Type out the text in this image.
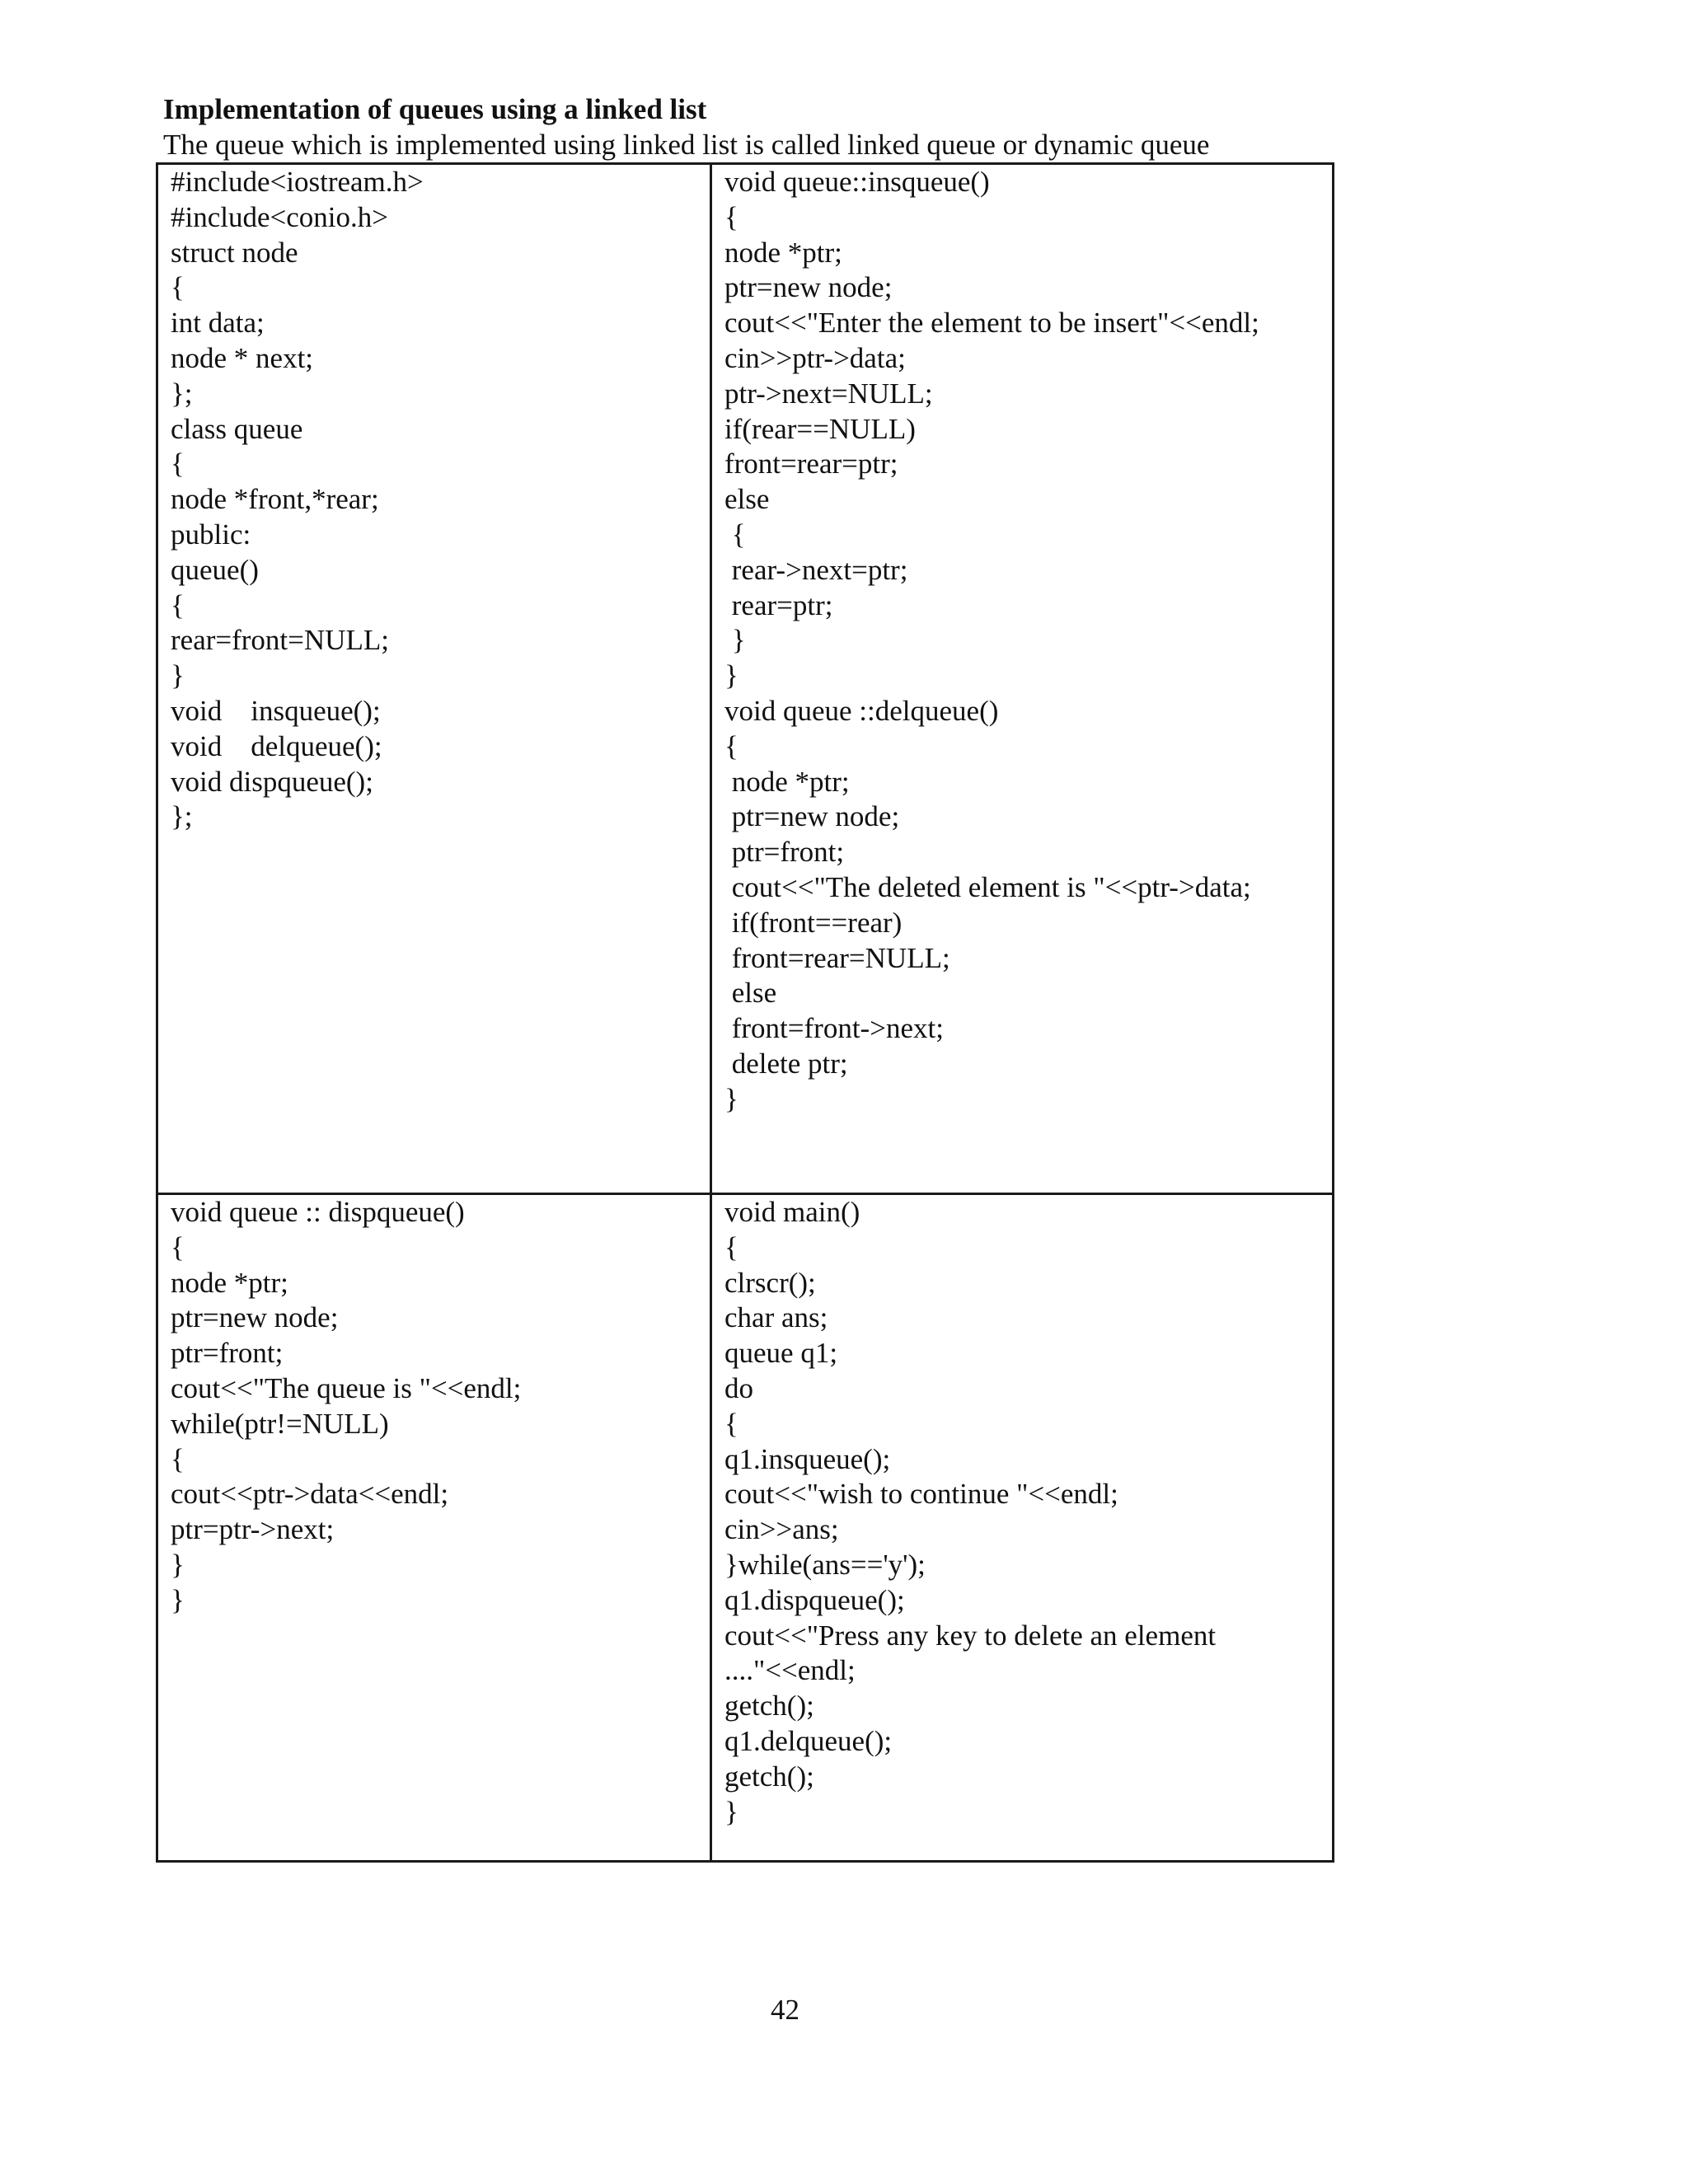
Implementation of queues using a linked list
The queue which is implemented using linked list is called linked queue or dynamic queue
#include<iostream.h>
#include<conio.h>
struct node
{
int data;
node * next;
};
class queue
{
node *front,*rear;
public:
queue()
{
rear=front=NULL;
}
void    insqueue();
void    delqueue();
void dispqueue();
};
void queue::insqueue()
{
node *ptr;
ptr=new node;
cout<<"Enter the element to be insert"<<endl;
cin>>ptr->data;
ptr->next=NULL;
if(rear==NULL)
front=rear=ptr;
else
{
rear->next=ptr;
rear=ptr;
}
}
void queue ::delqueue()
{
node *ptr;
ptr=new node;
ptr=front;
cout<<"The deleted element is "<<ptr->data;
if(front==rear)
front=rear=NULL;
else
front=front->next;
delete ptr;
}
void queue :: dispqueue()
{
node *ptr;
ptr=new node;
ptr=front;
cout<<"The queue is "<<endl;
while(ptr!=NULL)
{
cout<<ptr->data<<endl;
ptr=ptr->next;
}
}
void main()
{
clrscr();
char ans;
queue q1;
do
{
q1.insqueue();
cout<<"wish to continue "<<endl;
cin>>ans;
}while(ans=='y');
q1.dispqueue();
cout<<"Press any key to delete an element
...."<<endl;
getch();
q1.delqueue();
getch();
}
42
